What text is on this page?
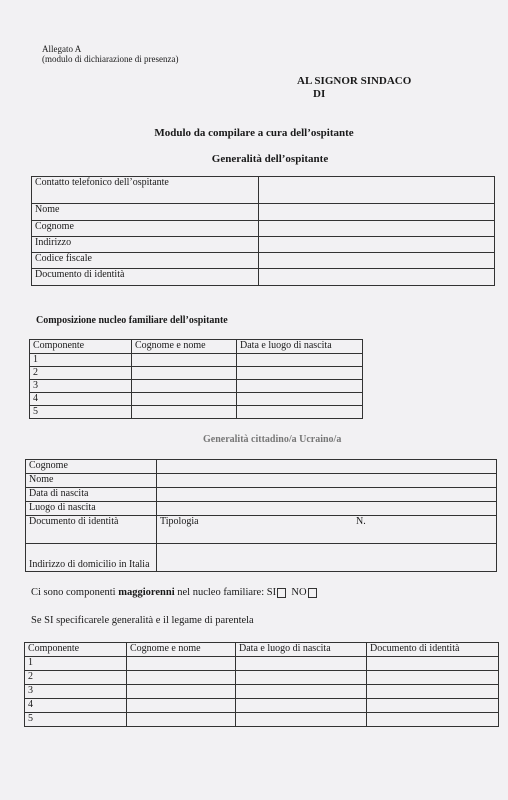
Allegato A
(modulo di dichiarazione di presenza)
AL SIGNOR SINDACO
DI
Modulo da compilare a cura dell’ospitante
Generalità dell’ospitante
Contatto telefonico dell’ospitante	
Nome	
Cognome	
Indirizzo	
Codice fiscale	
Documento di identità	
Composizione nucleo familiare dell’ospitante
Componente	Cognome e nome	Data e luogo di nascita
1		
2		
3		
4		
5		
Generalità cittadino/a Ucraino/a
Cognome		
Nome		
Data di nascita		
Luogo di nascita		
Documento di identità	Tipologia	N.
Indirizzo di domicilio in Italia		
Ci sono componenti maggiorenni nel nucleo familiare: SI NO
Se SI specificarele generalità e il legame di parentela
Componente	Cognome e nome	Data e luogo di nascita	Documento di identità
1			
2			
3			
4			
5			
